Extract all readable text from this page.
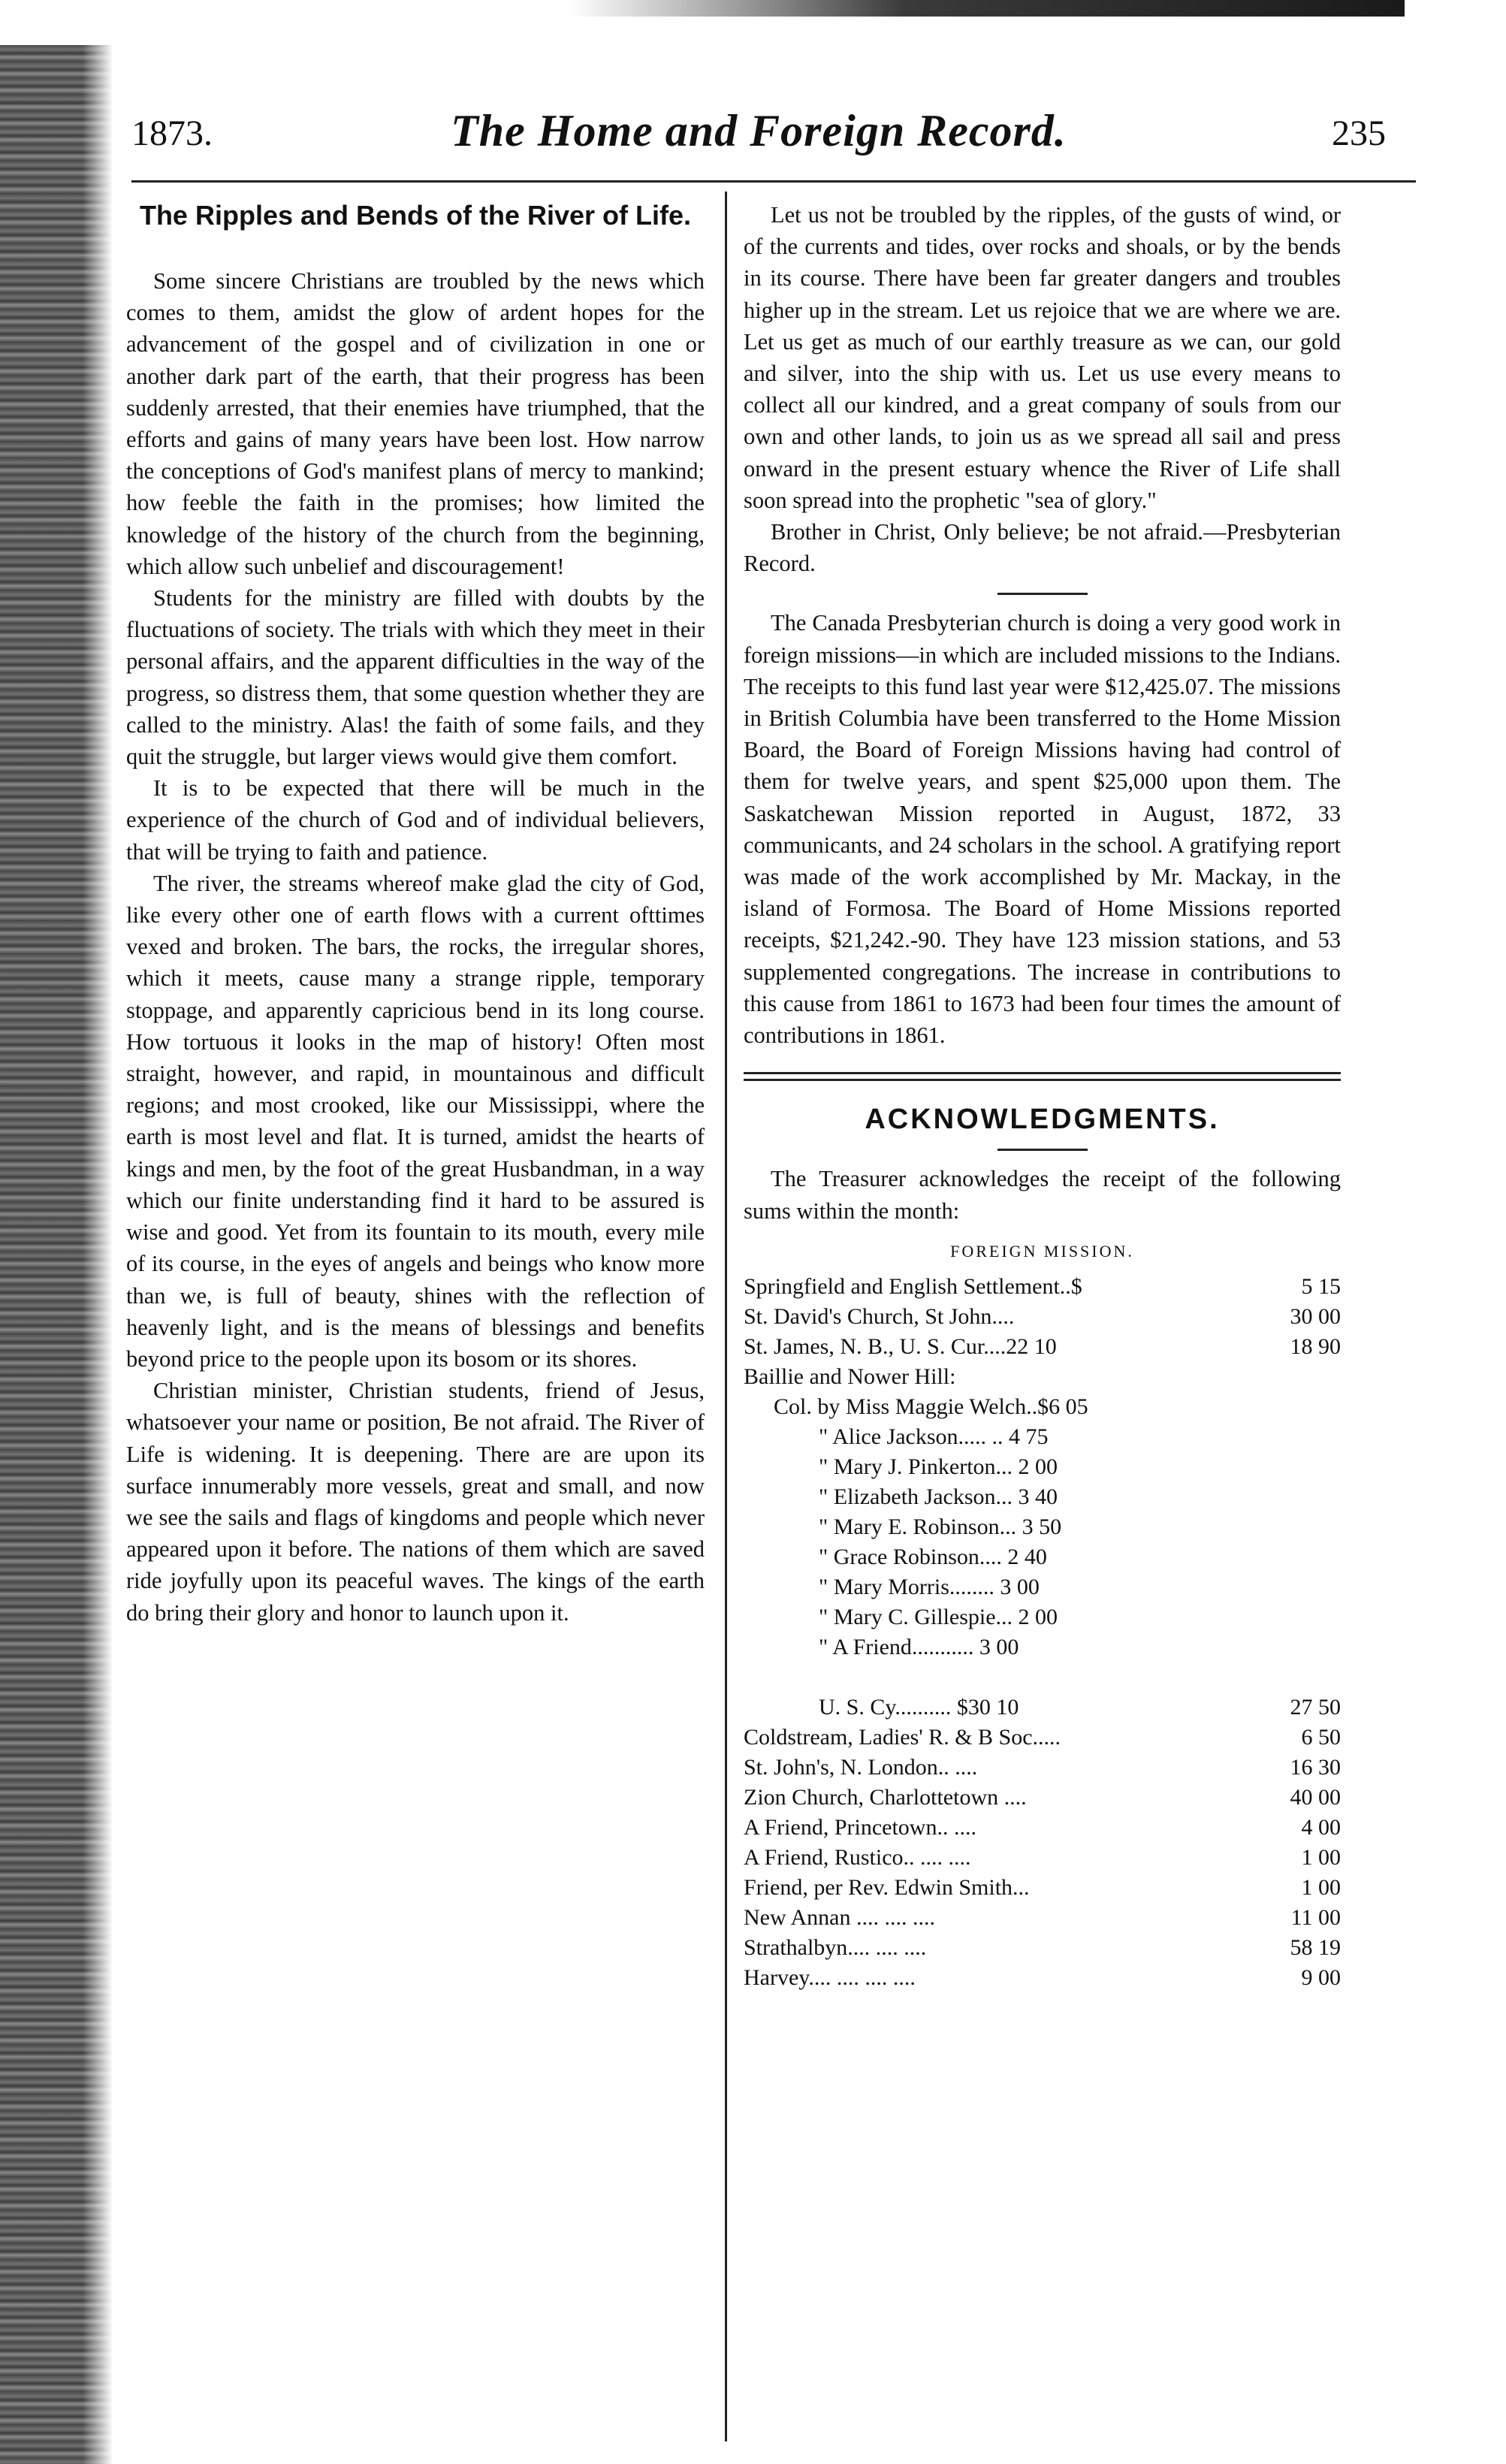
1873.	The Home and Foreign Record.	235
The Ripples and Bends of the River of Life.

Some sincere Christians are troubled by the news which comes to them, amidst the glow of ardent hopes for the advancement of the gospel and of civilization in one or another dark part of the earth, that their progress has been suddenly arrested, that their enemies have triumphed, that the efforts and gains of many years have been lost. How narrow the conceptions of God's manifest plans of mercy to mankind; how feeble the faith in the promises; how limited the knowledge of the history of the church from the beginning, which allow such unbelief and discouragement!

Students for the ministry are filled with doubts by the fluctuations of society. The trials with which they meet in their personal affairs, and the apparent difficulties in the way of the progress, so distress them, that some question whether they are called to the ministry. Alas! the faith of some fails, and they quit the struggle, but larger views would give them comfort.

It is to be expected that there will be much in the experience of the church of God and of individual believers, that will be trying to faith and patience.

The river, the streams whereof make glad the city of God, like every other one of earth flows with a current ofttimes vexed and broken. The bars, the rocks, the irregular shores, which it meets, cause many a strange ripple, temporary stoppage, and apparently capricious bend in its long course. How tortuous it looks in the map of history! Often most straight, however, and rapid, in mountainous and difficult regions; and most crooked, like our Mississippi, where the earth is most level and flat. It is turned, amidst the hearts of kings and men, by the foot of the great Husbandman, in a way which our finite understanding find it hard to be assured is wise and good. Yet from its fountain to its mouth, every mile of its course, in the eyes of angels and beings who know more than we, is full of beauty, shines with the reflection of heavenly light, and is the means of blessings and benefits beyond price to the people upon its bosom or its shores.

Christian minister, Christian students, friend of Jesus, whatsoever your name or position, Be not afraid. The River of Life is widening. It is deepening. There are are upon its surface innumerably more vessels, great and small, and now we see the sails and flags of kingdoms and people which never appeared upon it before. The nations of them which are saved ride joyfully upon its peaceful waves. The kings of the earth do bring their glory and honor to launch upon it.

Let us not be troubled by the ripples, of the gusts of wind, or of the currents and tides, over rocks and shoals, or by the bends in its course. There have been far greater dangers and troubles higher up in the stream. Let us rejoice that we are where we are. Let us get as much of our earthly treasure as we can, our gold and silver, into the ship with us. Let us use every means to collect all our kindred, and a great company of souls from our own and other lands, to join us as we spread all sail and press onward in the present estuary whence the River of Life shall soon spread into the prophetic "sea of glory."

Brother in Christ, Only believe; be not afraid.—Presbyterian Record.

The Canada Presbyterian church is doing a very good work in foreign missions—in which are included missions to the Indians. The receipts to this fund last year were $12,425.07. The missions in British Columbia have been transferred to the Home Mission Board, the Board of Foreign Missions having had control of them for twelve years, and spent $25,000 upon them. The Saskatchewan Mission reported in August, 1872, 33 communicants, and 24 scholars in the school. A gratifying report was made of the work accomplished by Mr. Mackay, in the island of Formosa. The Board of Home Missions reported receipts, $21,242.-90. They have 123 mission stations, and 53 supplemented congregations. The increase in contributions to this cause from 1861 to 1673 had been four times the amount of contributions in 1861.

ACKNOWLEDGMENTS.

The Treasurer acknowledges the receipt of the following sums within the month:

FOREIGN MISSION.
Springfield and English Settlement..$	5 15
St. David's Church, St John....	30 00
St. James, N. B., U. S. Cur....22 10	18 90
Baillie and Nower Hill:	
Col. by Miss Maggie Welch..$6 05	
" Alice Jackson..... .. 4 75	
" Mary J. Pinkerton... 2 00	
" Elizabeth Jackson... 3 40	
" Mary E. Robinson... 3 50	
" Grace Robinson.... 2 40	
" Mary Morris........ 3 00	
" Mary C. Gillespie... 2 00	
" A Friend........... 3 00	

U. S. Cy.......... $30 10	27 50
Coldstream, Ladies' R. & B Soc.....	6 50
St. John's, N. London.. ....	16 30
Zion Church, Charlottetown ....	40 00
A Friend, Princetown.. ....	4 00
A Friend, Rustico.. .... ....	1 00
Friend, per Rev. Edwin Smith...	1 00
New Annan .... .... ....	11 00
Strathalbyn.... .... ....	58 19
Harvey.... .... .... ....	9 00
